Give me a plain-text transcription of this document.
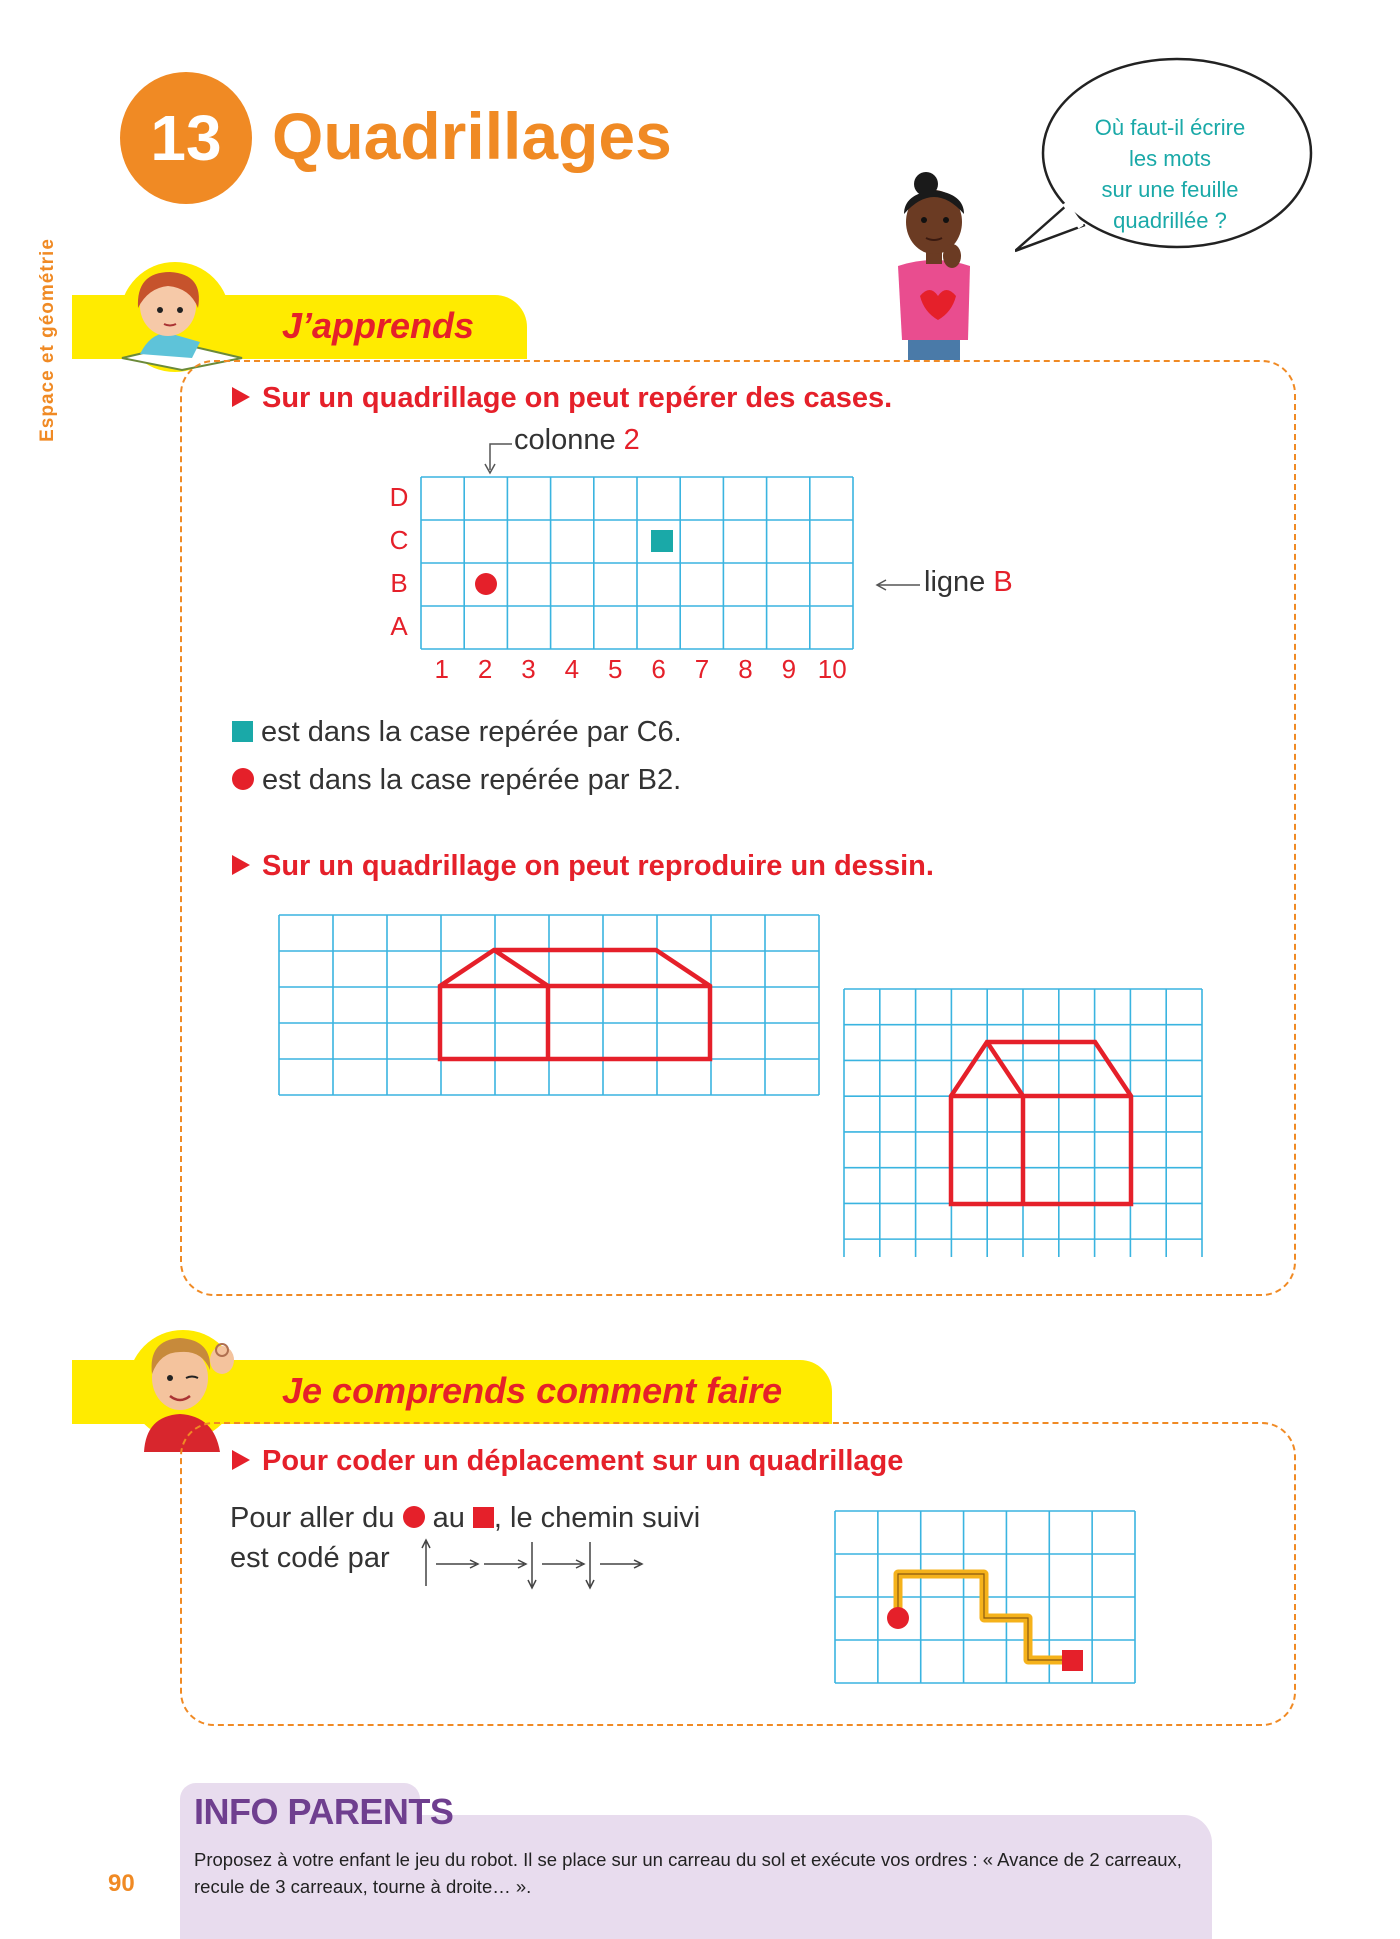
Espace et géométrie
13 Quadrillages	Où faut-il écrire
les mots
sur une feuille
quadrillée ?
J’apprends
Sur un quadrillage on peut repérer des cases.
colonne 2
D
C
B
A
1	2	3	4	5	6	7	8	9 10
ligne B
est dans la case repérée par C6.
est dans la case repérée par B2.
Sur un quadrillage on peut reproduire un dessin.
Je comprends comment faire
Pour coder un déplacement sur un quadrillage
Pour aller du au , le chemin suivi
est codé par
INFO PARENTS
Proposez à votre enfant le jeu du robot. Il se place sur un carreau du sol et exécute vos ordres : « Avance de 2 carreaux, recule de 3 carreaux, tourne à droite… ».
90
